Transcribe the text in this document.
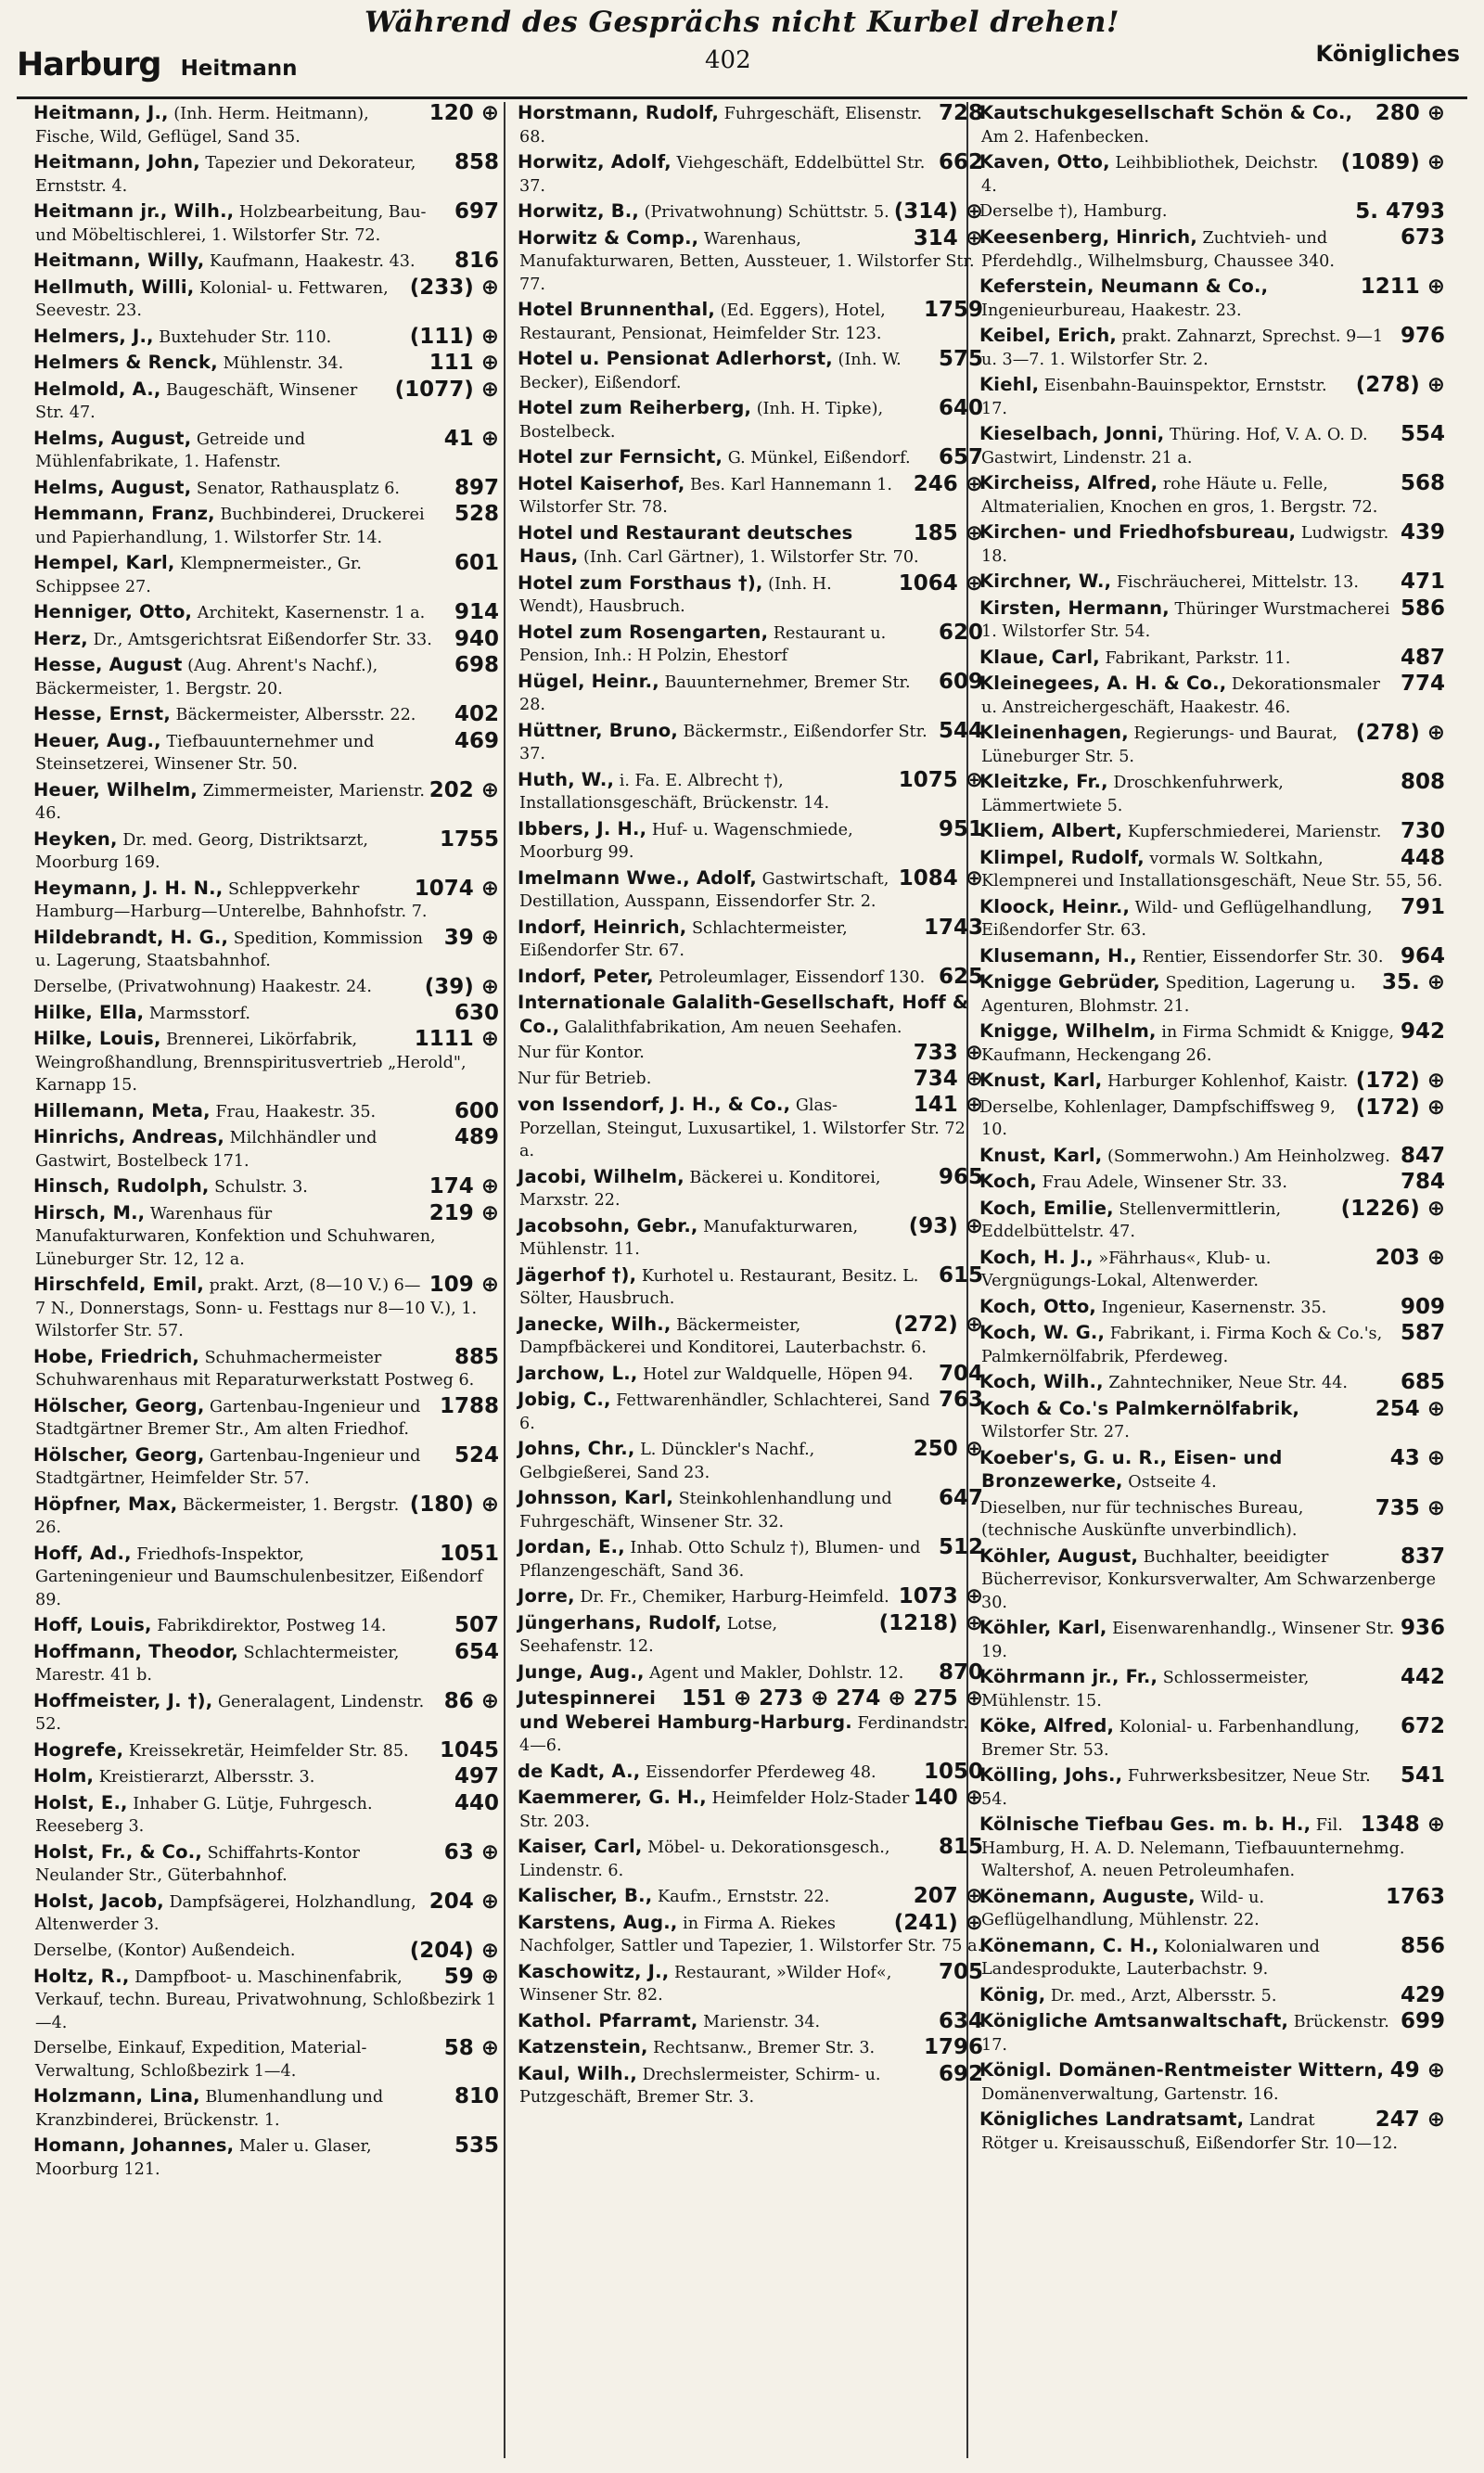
Während des Gesprächs nicht Kurbel drehen!
Harburg Heitmann	402	Königliches
120 ⊕
Heitmann, J., (Inh. Herm. Heitmann), Fische, Wild, Geflügel, Sand 35.
858
Heitmann, John, Tapezier und Dekorateur, Ernststr. 4.
697
Heitmann jr., Wilh., Holzbearbeitung, Bau- und Möbeltischlerei, 1. Wilstorfer Str. 72.
816
Heitmann, Willy, Kaufmann, Haakestr. 43.
(233) ⊕
Hellmuth, Willi, Kolonial- u. Fettwaren, Seevestr. 23.
(111) ⊕
Helmers, J., Buxtehuder Str. 110.
111 ⊕
Helmers & Renck, Mühlenstr. 34.
(1077) ⊕
Helmold, A., Baugeschäft, Winsener Str. 47.
41 ⊕
Helms, August, Getreide und Mühlenfabrikate, 1. Hafenstr.
897
Helms, August, Senator, Rathausplatz 6.
528
Hemmann, Franz, Buchbinderei, Druckerei und Papierhandlung, 1. Wilstorfer Str. 14.
601
Hempel, Karl, Klempnermeister., Gr. Schippsee 27.
914
Henniger, Otto, Architekt, Kasernenstr. 1 a.
940
Herz, Dr., Amtsgerichtsrat Eißendorfer Str. 33.
698
Hesse, August (Aug. Ahrent's Nachf.), Bäckermeister, 1. Bergstr. 20.
402
Hesse, Ernst, Bäckermeister, Albersstr. 22.
469
Heuer, Aug., Tiefbauunternehmer und Steinsetzerei, Winsener Str. 50.
202 ⊕
Heuer, Wilhelm, Zimmermeister, Marienstr. 46.
1755
Heyken, Dr. med. Georg, Distriktsarzt, Moorburg 169.
1074 ⊕
Heymann, J. H. N., Schleppverkehr Hamburg—Harburg—Unterelbe, Bahnhofstr. 7.
39 ⊕
Hildebrandt, H. G., Spedition, Kommission u. Lagerung, Staatsbahnhof.
(39) ⊕
Derselbe, (Privatwohnung) Haakestr. 24.
630
Hilke, Ella, Marmsstorf.
1111 ⊕
Hilke, Louis, Brennerei, Likörfabrik, Weingroßhandlung, Brennspiritusvertrieb „Herold", Karnapp 15.
600
Hillemann, Meta, Frau, Haakestr. 35.
489
Hinrichs, Andreas, Milchhändler und Gastwirt, Bostelbeck 171.
174 ⊕
Hinsch, Rudolph, Schulstr. 3.
219 ⊕
Hirsch, M., Warenhaus für Manufakturwaren, Konfektion und Schuhwaren, Lüneburger Str. 12, 12 a.
109 ⊕
Hirschfeld, Emil, prakt. Arzt, (8—10 V.) 6—7 N., Donnerstags, Sonn- u. Festtags nur 8—10 V.), 1. Wilstorfer Str. 57.
885
Hobe, Friedrich, Schuhmachermeister Schuhwarenhaus mit Reparaturwerkstatt Postweg 6.
1788
Hölscher, Georg, Gartenbau-Ingenieur und Stadtgärtner Bremer Str., Am alten Friedhof.
524
Hölscher, Georg, Gartenbau-Ingenieur und Stadtgärtner, Heimfelder Str. 57.
(180) ⊕
Höpfner, Max, Bäckermeister, 1. Bergstr. 26.
1051
Hoff, Ad., Friedhofs-Inspektor, Garteningenieur und Baumschulenbesitzer, Eißendorf 89.
507
Hoff, Louis, Fabrikdirektor, Postweg 14.
654
Hoffmann, Theodor, Schlachtermeister, Marestr. 41 b.
86 ⊕
Hoffmeister, J. †), Generalagent, Lindenstr. 52.
1045
Hogrefe, Kreissekretär, Heimfelder Str. 85.
497
Holm, Kreistierarzt, Albersstr. 3.
440
Holst, E., Inhaber G. Lütje, Fuhrgesch. Reeseberg 3.
63 ⊕
Holst, Fr., & Co., Schiffahrts-Kontor Neulander Str., Güterbahnhof.
204 ⊕
Holst, Jacob, Dampfsägerei, Holzhandlung, Altenwerder 3.
(204) ⊕
Derselbe, (Kontor) Außendeich.
59 ⊕
Holtz, R., Dampfboot- u. Maschinenfabrik, Verkauf, techn. Bureau, Privatwohnung, Schloßbezirk 1—4.
58 ⊕
Derselbe, Einkauf, Expedition, Material-Verwaltung, Schloßbezirk 1—4.
810
Holzmann, Lina, Blumenhandlung und Kranzbinderei, Brückenstr. 1.
535
Homann, Johannes, Maler u. Glaser, Moorburg 121.
728
Horstmann, Rudolf, Fuhrgeschäft, Elisenstr. 68.
662
Horwitz, Adolf, Viehgeschäft, Eddelbüttel Str. 37.
(314) ⊕
Horwitz, B., (Privatwohnung) Schüttstr. 5.
314 ⊕
Horwitz & Comp., Warenhaus, Manufakturwaren, Betten, Aussteuer, 1. Wilstorfer Str. 77.
1759
Hotel Brunnenthal, (Ed. Eggers), Hotel, Restaurant, Pensionat, Heimfelder Str. 123.
575
Hotel u. Pensionat Adlerhorst, (Inh. W. Becker), Eißendorf.
640
Hotel zum Reiherberg, (Inh. H. Tipke), Bostelbeck.
657
Hotel zur Fernsicht, G. Münkel, Eißendorf.
246 ⊕
Hotel Kaiserhof, Bes. Karl Hannemann 1. Wilstorfer Str. 78.
185 ⊕
Hotel und Restaurant deutsches Haus, (Inh. Carl Gärtner), 1. Wilstorfer Str. 70.
1064 ⊕
Hotel zum Forsthaus †), (Inh. H. Wendt), Hausbruch.
620
Hotel zum Rosengarten, Restaurant u. Pension, Inh.: H Polzin, Ehestorf
609
Hügel, Heinr., Bauunternehmer, Bremer Str. 28.
544
Hüttner, Bruno, Bäckermstr., Eißendorfer Str. 37.
1075 ⊕
Huth, W., i. Fa. E. Albrecht †), Installationsgeschäft, Brückenstr. 14.
951
Ibbers, J. H., Huf- u. Wagenschmiede, Moorburg 99.
1084 ⊕
Imelmann Wwe., Adolf, Gastwirtschaft, Destillation, Ausspann, Eissendorfer Str. 2.
1743
Indorf, Heinrich, Schlachtermeister, Eißendorfer Str. 67.
625
Indorf, Peter, Petroleumlager, Eissendorf 130.
Internationale Galalith-Gesellschaft, Hoff & Co., Galalithfabrikation, Am neuen Seehafen.
733 ⊕
Nur für Kontor.
734 ⊕
Nur für Betrieb.
141 ⊕
von Issendorf, J. H., & Co., Glas-Porzellan, Steingut, Luxusartikel, 1. Wilstorfer Str. 72 a.
965
Jacobi, Wilhelm, Bäckerei u. Konditorei, Marxstr. 22.
(93) ⊕
Jacobsohn, Gebr., Manufakturwaren, Mühlenstr. 11.
615
Jägerhof †), Kurhotel u. Restaurant, Besitz. L. Sölter, Hausbruch.
(272) ⊕
Janecke, Wilh., Bäckermeister, Dampfbäckerei und Konditorei, Lauterbachstr. 6.
704
Jarchow, L., Hotel zur Waldquelle, Höpen 94.
763
Jobig, C., Fettwarenhändler, Schlachterei, Sand 6.
250 ⊕
Johns, Chr., L. Dünckler's Nachf., Gelbgießerei, Sand 23.
647
Johnsson, Karl, Steinkohlenhandlung und Fuhrgeschäft, Winsener Str. 32.
512
Jordan, E., Inhab. Otto Schulz †), Blumen- und Pflanzengeschäft, Sand 36.
1073 ⊕
Jorre, Dr. Fr., Chemiker, Harburg-Heimfeld.
(1218) ⊕
Jüngerhans, Rudolf, Lotse, Seehafenstr. 12.
870
Junge, Aug., Agent und Makler, Dohlstr. 12.
151 ⊕ 273 ⊕ 274 ⊕ 275 ⊕
Jutespinnerei und Weberei Hamburg-Harburg. Ferdinandstr. 4—6.
1050
de Kadt, A., Eissendorfer Pferdeweg 48.
140 ⊕
Kaemmerer, G. H., Heimfelder Holz-Stader Str. 203.
815
Kaiser, Carl, Möbel- u. Dekorationsgesch., Lindenstr. 6.
207 ⊕
Kalischer, B., Kaufm., Ernststr. 22.
(241) ⊕
Karstens, Aug., in Firma A. Riekes Nachfolger, Sattler und Tapezier, 1. Wilstorfer Str. 75 a.
705
Kaschowitz, J., Restaurant, »Wilder Hof«, Winsener Str. 82.
634
Kathol. Pfarramt, Marienstr. 34.
1796
Katzenstein, Rechtsanw., Bremer Str. 3.
692
Kaul, Wilh., Drechslermeister, Schirm- u. Putzgeschäft, Bremer Str. 3.
280 ⊕
Kautschukgesellschaft Schön & Co., Am 2. Hafenbecken.
(1089) ⊕
Kaven, Otto, Leihbibliothek, Deichstr. 4.
5. 4793
Derselbe †), Hamburg.
673
Keesenberg, Hinrich, Zuchtvieh- und Pferdehdlg., Wilhelmsburg, Chaussee 340.
1211 ⊕
Keferstein, Neumann & Co., Ingenieurbureau, Haakestr. 23.
976
Keibel, Erich, prakt. Zahnarzt, Sprechst. 9—1 u. 3—7. 1. Wilstorfer Str. 2.
(278) ⊕
Kiehl, Eisenbahn-Bauinspektor, Ernststr. 17.
554
Kieselbach, Jonni, Thüring. Hof, V. A. O. D. Gastwirt, Lindenstr. 21 a.
568
Kircheiss, Alfred, rohe Häute u. Felle, Altmaterialien, Knochen en gros, 1. Bergstr. 72.
439
Kirchen- und Friedhofsbureau, Ludwigstr. 18.
471
Kirchner, W., Fischräucherei, Mittelstr. 13.
586
Kirsten, Hermann, Thüringer Wurstmacherei 1. Wilstorfer Str. 54.
487
Klaue, Carl, Fabrikant, Parkstr. 11.
774
Kleinegees, A. H. & Co., Dekorationsmaler u. Anstreichergeschäft, Haakestr. 46.
(278) ⊕
Kleinenhagen, Regierungs- und Baurat, Lüneburger Str. 5.
808
Kleitzke, Fr., Droschkenfuhrwerk, Lämmertwiete 5.
730
Kliem, Albert, Kupferschmiederei, Marienstr.
448
Klimpel, Rudolf, vormals W. Soltkahn, Klempnerei und Installationsgeschäft, Neue Str. 55, 56.
791
Kloock, Heinr., Wild- und Geflügelhandlung, Eißendorfer Str. 63.
964
Klusemann, H., Rentier, Eissendorfer Str. 30.
35. ⊕
Knigge Gebrüder, Spedition, Lagerung u. Agenturen, Blohmstr. 21.
942
Knigge, Wilhelm, in Firma Schmidt & Knigge, Kaufmann, Heckengang 26.
(172) ⊕
Knust, Karl, Harburger Kohlenhof, Kaistr.
(172) ⊕
Derselbe, Kohlenlager, Dampfschiffsweg 9, 10.
847
Knust, Karl, (Sommerwohn.) Am Heinholzweg.
784
Koch, Frau Adele, Winsener Str. 33.
(1226) ⊕
Koch, Emilie, Stellenvermittlerin, Eddelbüttelstr. 47.
203 ⊕
Koch, H. J., »Fährhaus«, Klub- u. Vergnügungs-Lokal, Altenwerder.
909
Koch, Otto, Ingenieur, Kasernenstr. 35.
587
Koch, W. G., Fabrikant, i. Firma Koch & Co.'s, Palmkernölfabrik, Pferdeweg.
685
Koch, Wilh., Zahntechniker, Neue Str. 44.
254 ⊕
Koch & Co.'s Palmkernölfabrik, Wilstorfer Str. 27.
43 ⊕
Koeber's, G. u. R., Eisen- und Bronzewerke, Ostseite 4.
735 ⊕
Dieselben, nur für technisches Bureau, (technische Auskünfte unverbindlich).
837
Köhler, August, Buchhalter, beeidigter Bücherrevisor, Konkursverwalter, Am Schwarzenberge 30.
936
Köhler, Karl, Eisenwarenhandlg., Winsener Str. 19.
442
Köhrmann jr., Fr., Schlossermeister, Mühlenstr. 15.
672
Köke, Alfred, Kolonial- u. Farbenhandlung, Bremer Str. 53.
541
Kölling, Johs., Fuhrwerksbesitzer, Neue Str. 54.
1348 ⊕
Kölnische Tiefbau Ges. m. b. H., Fil. Hamburg, H. A. D. Nelemann, Tiefbauunternehmg. Waltershof, A. neuen Petroleumhafen.
1763
Könemann, Auguste, Wild- u. Geflügelhandlung, Mühlenstr. 22.
856
Könemann, C. H., Kolonialwaren und Landesprodukte, Lauterbachstr. 9.
429
König, Dr. med., Arzt, Albersstr. 5.
699
Königliche Amtsanwaltschaft, Brückenstr. 17.
49 ⊕
Königl. Domänen-Rentmeister Wittern, Domänenverwaltung, Gartenstr. 16.
247 ⊕
Königliches Landratsamt, Landrat Rötger u. Kreisausschuß, Eißendorfer Str. 10—12.
